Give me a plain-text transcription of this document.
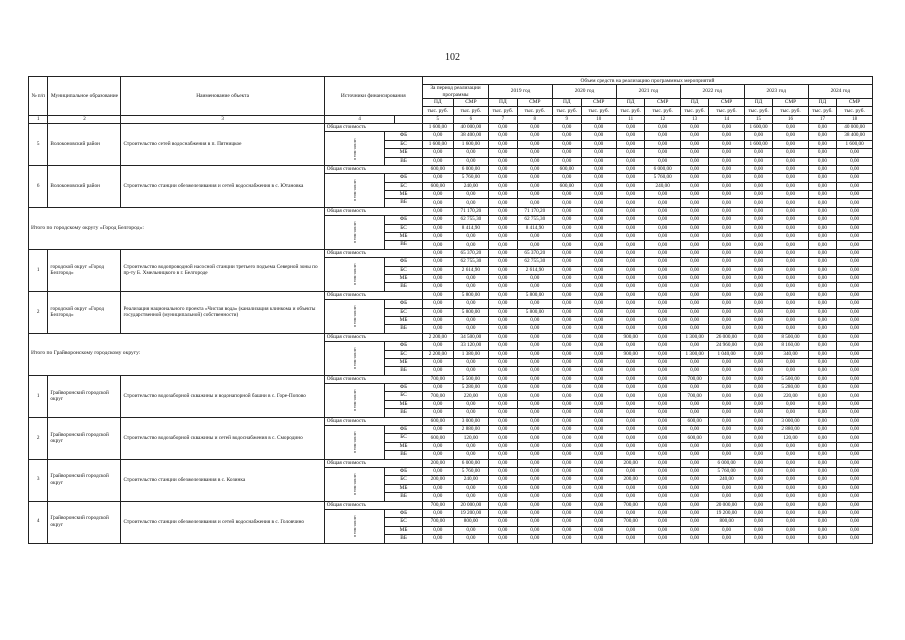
102
№ п/п	Муниципальное образование	Наименование объекта	Источники финансирования			Объем средств на реализацию программных мероприятий													
						За период реализации программы		2019 год		2020 год		2021 год		2022 год		2023 год		2024 год	
						ПД	СМР	ПД	СМР	ПД	СМР	ПД	СМР	ПД	СМР	ПД	СМР	ПД	СМР
						тыс. руб.	тыс. руб.	тыс. руб.	тыс. руб.	тыс. руб.	тыс. руб.	тыс. руб.	тыс. руб.	тыс. руб.	тыс. руб.	тыс. руб.	тыс. руб.	тыс. руб.	тыс. руб.
1	2	3	4			5	6	7	8	9	10	11	12	13	14	15	16	17	18
5	Волоконовский район	Строительство сетей водоснабжения в п. Пятницкое	Общая стоимость			1 600,00	40 000,00	0,00	0,00	0,00	0,00	0,00	0,00	0,00	0,00	1 600,00	0,00	0,00	40 000,00
			в том числе:	ФБ		0,00	38 400,00	0,00	0,00	0,00	0,00	0,00	0,00	0,00	0,00	0,00	0,00	0,00	38 400,00
				БС		1 600,00	1 600,00	0,00	0,00	0,00	0,00	0,00	0,00	0,00	0,00	1 600,00	0,00	0,00	1 600,00
				МБ		0,00	0,00	0,00	0,00	0,00	0,00	0,00	0,00	0,00	0,00	0,00	0,00	0,00	0,00
				ВБ		0,00	0,00	0,00	0,00	0,00	0,00	0,00	0,00	0,00	0,00	0,00	0,00	0,00	0,00
6	Волоконовский район	Строительство станции обезжелезивания и сетей водоснабжения в с. Ютановка	Общая стоимость			600,00	6 000,00	0,00	0,00	600,00	0,00	0,00	6 000,00	0,00	0,00	0,00	0,00	0,00	0,00
			в том числе:	ФБ		0,00	5 760,00	0,00	0,00	0,00	0,00	0,00	5 760,00	0,00	0,00	0,00	0,00	0,00	0,00
				БС		600,00	240,00	0,00	0,00	600,00	0,00	0,00	240,00	0,00	0,00	0,00	0,00	0,00	0,00
				МБ		0,00	0,00	0,00	0,00	0,00	0,00	0,00	0,00	0,00	0,00	0,00	0,00	0,00	0,00
				ВБ		0,00	0,00	0,00	0,00	0,00	0,00	0,00	0,00	0,00	0,00	0,00	0,00	0,00	0,00
Итого по городскому округу «Город Белгород»:			Общая стоимость			0,00	71 170,20	0,00	71 170,20	0,00	0,00	0,00	0,00	0,00	0,00	0,00	0,00	0,00	0,00
			в том числе:	ФБ		0,00	62 755,30	0,00	62 755,30	0,00	0,00	0,00	0,00	0,00	0,00	0,00	0,00	0,00	0,00
				БС		0,00	8 414,90	0,00	8 414,90	0,00	0,00	0,00	0,00	0,00	0,00	0,00	0,00	0,00	0,00
				МБ		0,00	0,00	0,00	0,00	0,00	0,00	0,00	0,00	0,00	0,00	0,00	0,00	0,00	0,00
				ВБ		0,00	0,00	0,00	0,00	0,00	0,00	0,00	0,00	0,00	0,00	0,00	0,00	0,00	0,00
1	городской округ «Город Белгород»	Строительство водопроводной насосной станции третьего подъема Северной зоны по пр-ту Б. Хмельницкого в г. Белгороде	Общая стоимость			0,00	65 370,20	0,00	65 370,20	0,00	0,00	0,00	0,00	0,00	0,00	0,00	0,00	0,00	0,00
			в том числе:	ФБ		0,00	62 755,30	0,00	62 755,30	0,00	0,00	0,00	0,00	0,00	0,00	0,00	0,00	0,00	0,00
				БС		0,00	2 614,90	0,00	2 614,90	0,00	0,00	0,00	0,00	0,00	0,00	0,00	0,00	0,00	0,00
				МБ		0,00	0,00	0,00	0,00	0,00	0,00	0,00	0,00	0,00	0,00	0,00	0,00	0,00	0,00
				ВБ		0,00	0,00	0,00	0,00	0,00	0,00	0,00	0,00	0,00	0,00	0,00	0,00	0,00	0,00
2	городской округ «Город Белгород»	Реализация национального проекта «Чистая вода» (канализация клинкома и объекты государственной (муниципальной) собственности)	Общая стоимость			0,00	5 800,00	0,00	5 800,00	0,00	0,00	0,00	0,00	0,00	0,00	0,00	0,00	0,00	0,00
			в том числе:	ФБ		0,00	0,00	0,00	0,00	0,00	0,00	0,00	0,00	0,00	0,00	0,00	0,00	0,00	0,00
				БС		0,00	5 800,00	0,00	5 800,00	0,00	0,00	0,00	0,00	0,00	0,00	0,00	0,00	0,00	0,00
				МБ		0,00	0,00	0,00	0,00	0,00	0,00	0,00	0,00	0,00	0,00	0,00	0,00	0,00	0,00
				ВБ		0,00	0,00	0,00	0,00	0,00	0,00	0,00	0,00	0,00	0,00	0,00	0,00	0,00	0,00
Итого по Грайворонскому городскому округу:			Общая стоимость			2 200,00	34 500,00	0,00	0,00	0,00	0,00	900,00	0,00	1 300,00	26 000,00	0,00	8 500,00	0,00	0,00
			в том числе:	ФБ		0,00	33 120,00	0,00	0,00	0,00	0,00	0,00	0,00	0,00	24 960,00	0,00	8 160,00	0,00	0,00
				БС		2 200,00	1 380,00	0,00	0,00	0,00	0,00	900,00	0,00	1 300,00	1 040,00	0,00	340,00	0,00	0,00
				МБ		0,00	0,00	0,00	0,00	0,00	0,00	0,00	0,00	0,00	0,00	0,00	0,00	0,00	0,00
				ВБ		0,00	0,00	0,00	0,00	0,00	0,00	0,00	0,00	0,00	0,00	0,00	0,00	0,00	0,00
1	Грайворонский городской округ	Строительство водозаборной скважины и водонапорной башни в с. Горе-Попово	Общая стоимость			700,00	5 500,00	0,00	0,00	0,00	0,00	0,00	0,00	700,00	0,00	0,00	5 500,00	0,00	0,00
			в том числе:	ФБ		0,00	5 280,00	0,00	0,00	0,00	0,00	0,00	0,00	0,00	0,00	0,00	5 280,00	0,00	0,00
				БС		700,00	220,00	0,00	0,00	0,00	0,00	0,00	0,00	700,00	0,00	0,00	220,00	0,00	0,00
				МБ		0,00	0,00	0,00	0,00	0,00	0,00	0,00	0,00	0,00	0,00	0,00	0,00	0,00	0,00
				ВБ		0,00	0,00	0,00	0,00	0,00	0,00	0,00	0,00	0,00	0,00	0,00	0,00	0,00	0,00
2	Грайворонский городской округ	Строительство водозаборной скважины и сетей водоснабжения в с. Смородино	Общая стоимость			600,00	3 000,00	0,00	0,00	0,00	0,00	0,00	0,00	600,00	0,00	0,00	3 000,00	0,00	0,00
			в том числе:	ФБ		0,00	2 880,00	0,00	0,00	0,00	0,00	0,00	0,00	0,00	0,00	0,00	2 880,00	0,00	0,00
				БС		600,00	120,00	0,00	0,00	0,00	0,00	0,00	0,00	600,00	0,00	0,00	120,00	0,00	0,00
				МБ		0,00	0,00	0,00	0,00	0,00	0,00	0,00	0,00	0,00	0,00	0,00	0,00	0,00	0,00
				ВБ		0,00	0,00	0,00	0,00	0,00	0,00	0,00	0,00	0,00	0,00	0,00	0,00	0,00	0,00
3	Грайворонский городской округ	Строительство станции обезжелезивания в с. Козинка	Общая стоимость			200,00	6 000,00	0,00	0,00	0,00	0,00	200,00	0,00	0,00	6 000,00	0,00	0,00	0,00	0,00
			в том числе:	ФБ		0,00	5 760,00	0,00	0,00	0,00	0,00	0,00	0,00	0,00	5 760,00	0,00	0,00	0,00	0,00
				БС		200,00	240,00	0,00	0,00	0,00	0,00	200,00	0,00	0,00	240,00	0,00	0,00	0,00	0,00
				МБ		0,00	0,00	0,00	0,00	0,00	0,00	0,00	0,00	0,00	0,00	0,00	0,00	0,00	0,00
				ВБ		0,00	0,00	0,00	0,00	0,00	0,00	0,00	0,00	0,00	0,00	0,00	0,00	0,00	0,00
4	Грайворонский городской округ	Строительство станции обезжелезивания и сетей водоснабжения в с. Головчино	Общая стоимость			700,00	20 000,00	0,00	0,00	0,00	0,00	700,00	0,00	0,00	20 000,00	0,00	0,00	0,00	0,00
			в том числе:	ФБ		0,00	19 200,00	0,00	0,00	0,00	0,00	0,00	0,00	0,00	19 200,00	0,00	0,00	0,00	0,00
				БС		700,00	800,00	0,00	0,00	0,00	0,00	700,00	0,00	0,00	800,00	0,00	0,00	0,00	0,00
				МБ		0,00	0,00	0,00	0,00	0,00	0,00	0,00	0,00	0,00	0,00	0,00	0,00	0,00	0,00
				ВБ		0,00	0,00	0,00	0,00	0,00	0,00	0,00	0,00	0,00	0,00	0,00	0,00	0,00	0,00
